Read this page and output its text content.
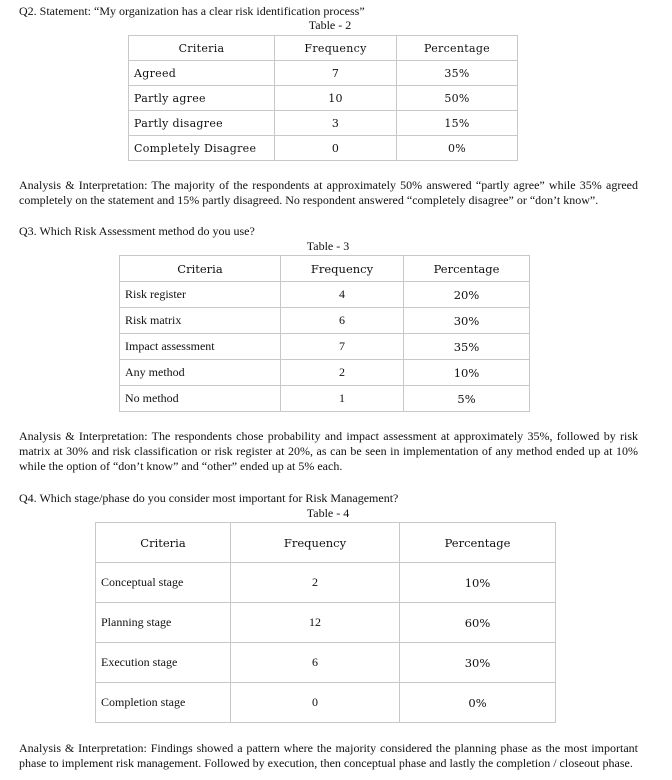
Q2. Statement: “My organization has a clear risk identification process”
Table - 2
Criteria	Frequency	Percentage
Agreed	7	35%
Partly agree	10	50%
Partly disagree	3	15%
Completely Disagree	0	0%
Analysis & Interpretation: The majority of the respondents at approximately 50% answered “partly agree” while 35% agreed completely on the statement and 15% partly disagreed. No respondent answered “completely disagree” or “don’t know”.
Q3. Which Risk Assessment method do you use?
Table - 3
Criteria	Frequency	Percentage
Risk register	4	20%
Risk matrix	6	30%
Impact assessment	7	35%
Any method	2	10%
No method	1	5%
Analysis & Interpretation: The respondents chose probability and impact assessment at approximately 35%, followed by risk matrix at 30% and risk classification or risk register at 20%, as can be seen in implementation of any method ended up at 10% while the option of “don’t know” and “other” ended up at 5% each.
Q4. Which stage/phase do you consider most important for Risk Management?
Table - 4
Criteria	Frequency	Percentage
Conceptual stage	2	10%
Planning stage	12	60%
Execution stage	6	30%
Completion stage	0	0%
Analysis & Interpretation: Findings showed a pattern where the majority considered the planning phase as the most important phase to implement risk management. Followed by execution, then conceptual phase and lastly the completion / closeout phase.
